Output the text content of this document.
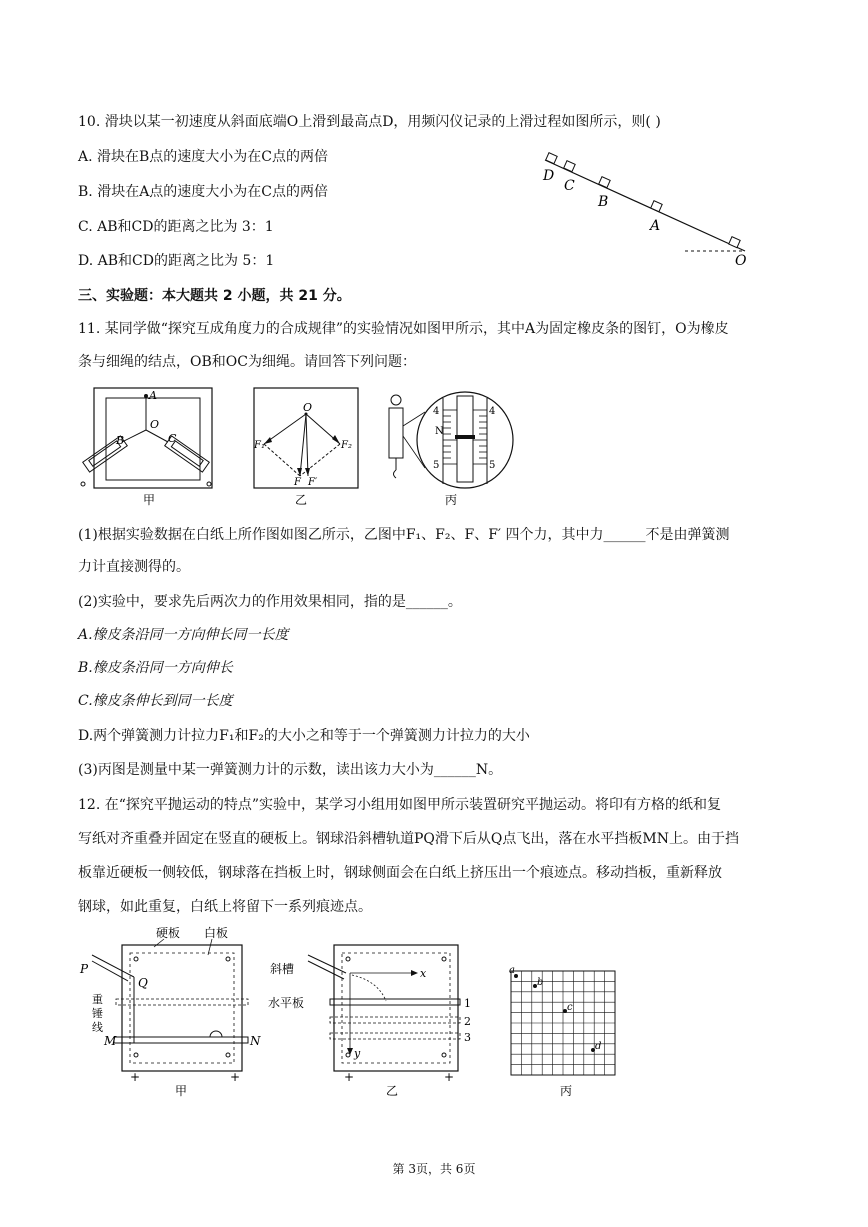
10. 滑块以某一初速度从斜面底端O上滑到最高点D，用频闪仪记录的上滑过程如图所示，则( )
A. 滑块在B点的速度大小为在C点的两倍
B. 滑块在A点的速度大小为在C点的两倍
C. AB和CD的距离之比为 3：1
D. AB和CD的距离之比为 5：1
D
C
B
A
O
三、实验题：本大题共 2 小题，共 21 分。
11. 某同学做“探究互成角度力的合成规律”的实验情况如图甲所示，其中A为固定橡皮条的图钉，O为橡皮
条与细绳的结点，OB和OC为细绳。请回答下列问题：
A
O
B	C
甲
O
F₁	F₂
F F′
乙
4	4
N
5	5
丙
(1)根据实验数据在白纸上所作图如图乙所示，乙图中F₁、F₂、F、F′ 四个力，其中力______不是由弹簧测
力计直接测得的。
(2)实验中，要求先后两次力的作用效果相同，指的是______。
A.橡皮条沿同一方向伸长同一长度
B.橡皮条沿同一方向伸长
C.橡皮条伸长到同一长度
D.两个弹簧测力计拉力F₁和F₂的大小之和等于一个弹簧测力计拉力的大小
(3)丙图是测量中某一弹簧测力计的示数，读出该力大小为______N。
12. 在“探究平抛运动的特点”实验中，某学习小组用如图甲所示装置研究平抛运动。将印有方格的纸和复
写纸对齐重叠并固定在竖直的硬板上。钢球沿斜槽轨道PQ滑下后从Q点飞出，落在水平挡板MN上。由于挡
板靠近硬板一侧较低，钢球落在挡板上时，钢球侧面会在白纸上挤压出一个痕迹点。移动挡板，重新释放
钢球，如此重复，白纸上将留下一系列痕迹点。
硬板 白板
P
Q
重
锤
线
M	N
+	+
甲
斜槽	x
水平板
y
1
2
3
+	+
乙
a
b
c
d
丙
第 3页，共 6页
